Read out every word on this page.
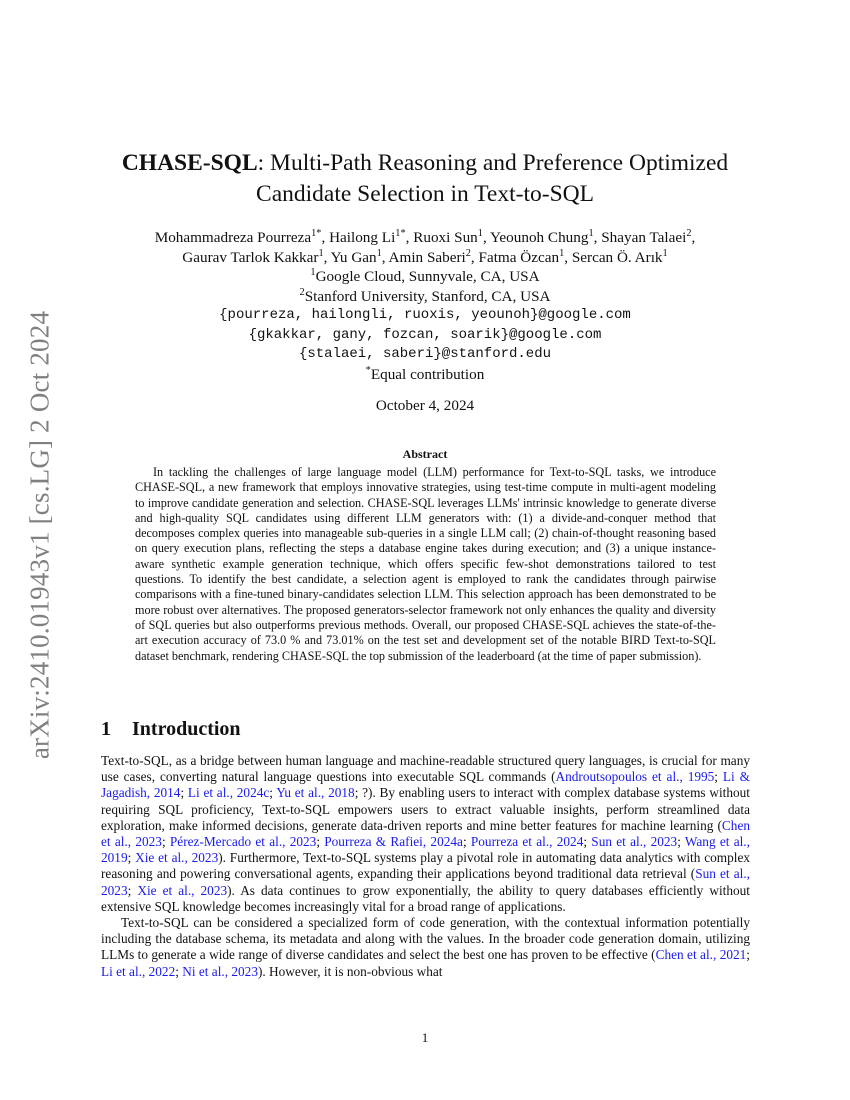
arXiv:2410.01943v1 [cs.LG] 2 Oct 2024
CHASE-SQL: Multi-Path Reasoning and Preference Optimized
Candidate Selection in Text-to-SQL
Mohammadreza Pourreza$^{1*}$, Hailong $Li^{1*}$, Ruoxi Sun$^1$, Yeounoh Chung$^1$, Shayan Talaei$^2$,
Gaurav Tarlok Kakkar$^1$, Yu Gan$^1$, Amin Saberi$^2$, Fatma Özcan$^1$, Sercan Ö. Arık$^1$
$^1$Google Cloud, Sunnyvale, CA, USA
$^2$Stanford University, Stanford, CA, USA
{pourreza, hailongli, ruoxis, yeounoh}@google.com
{gkakkar, gany, fozcan, soarik}@google.com
{stalaei, saberi}@stanford.edu
*Equal contribution
October 4, 2024
Abstract
In tackling the challenges of large language model (LLM) performance for Text-to-SQL tasks, we introduce CHASE-SQL, a new framework that employs innovative strategies, using test-time compute in multi-agent modeling to improve candidate generation and selection. CHASE-SQL leverages LLMs' intrinsic knowledge to generate diverse and high-quality SQL candidates using different LLM generators with: (1) a divide-and-conquer method that decomposes complex queries into manageable sub-queries in a single LLM call; (2) chain-of-thought reasoning based on query execution plans, reflecting the steps a database engine takes during execution; and (3) a unique instance-aware synthetic example generation technique, which offers specific few-shot demonstrations tailored to test questions. To identify the best candidate, a selection agent is employed to rank the candidates through pairwise comparisons with a fine-tuned binary-candidates selection LLM. This selection approach has been demonstrated to be more robust over alternatives. The proposed generators-selector framework not only enhances the quality and diversity of SQL queries but also outperforms previous methods. Overall, our proposed CHASE-SQL achieves the state-of-the-art execution accuracy of 73.0 % and 73.01% on the test set and development set of the notable BIRD Text-to-SQL dataset benchmark, rendering CHASE-SQL the top submission of the leaderboard (at the time of paper submission).
1 Introduction

Text-to-SQL, as a bridge between human language and machine-readable structured query languages, is crucial for many use cases, converting natural language questions into executable SQL commands (Androutsopoulos et al., 1995; Li & Jagadish, 2014; Li et al., 2024c; Yu et al., 2018; ?). By enabling users to interact with complex database systems without requiring SQL proficiency, Text-to-SQL empowers users to extract valuable insights, perform streamlined data exploration, make informed decisions, generate data-driven reports and mine better features for machine learning (Chen et al., 2023; Pérez-Mercado et al., 2023; Pourreza & Rafiei, 2024a; Pourreza et al., 2024; Sun et al., 2023; Wang et al., 2019; Xie et al., 2023). Furthermore, Text-to-SQL systems play a pivotal role in automating data analytics with complex reasoning and powering conversational agents, expanding their applications beyond traditional data retrieval (Sun et al., 2023; Xie et al., 2023). As data continues to grow exponentially, the ability to query databases efficiently without extensive SQL knowledge becomes increasingly vital for a broad range of applications.

Text-to-SQL can be considered a specialized form of code generation, with the contextual information potentially including the database schema, its metadata and along with the values. In the broader code generation domain, utilizing LLMs to generate a wide range of diverse candidates and select the best one has proven to be effective (Chen et al., 2021; Li et al., 2022; Ni et al., 2023). However, it is non-obvious what

1
